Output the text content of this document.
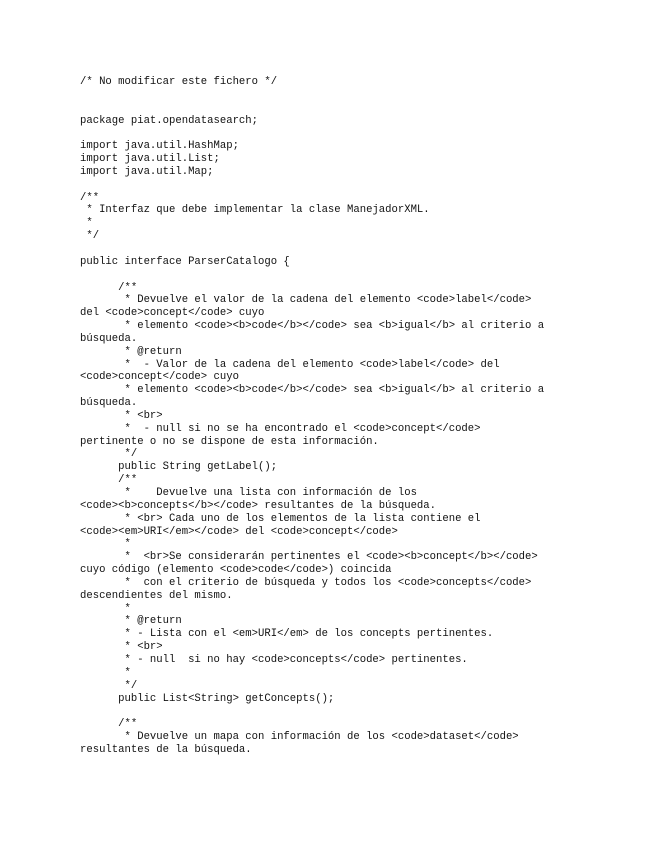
/* No modificar este fichero */
package piat.opendatasearch;
import java.util.HashMap;
import java.util.List;
import java.util.Map;
/**
* Interfaz que debe implementar la clase ManejadorXML.
*
*/
public interface ParserCatalogo {
/**
* Devuelve el valor de la cadena del elemento <code>label</code>
del <code>concept</code> cuyo
* elemento <code><b>code</b></code> sea <b>igual</b> al criterio a
búsqueda.
* @return
*  - Valor de la cadena del elemento <code>label</code> del
<code>concept</code> cuyo
* elemento <code><b>code</b></code> sea <b>igual</b> al criterio a
búsqueda.
* <br>
*  - null si no se ha encontrado el <code>concept</code>
pertinente o no se dispone de esta información.
*/
public String getLabel();
/**
*    Devuelve una lista con información de los
<code><b>concepts</b></code> resultantes de la búsqueda.
* <br> Cada uno de los elementos de la lista contiene el
<code><em>URI</em></code> del <code>concept</code>
*
*  <br>Se considerarán pertinentes el <code><b>concept</b></code>
cuyo código (elemento <code>code</code>) coincida
*  con el criterio de búsqueda y todos los <code>concepts</code>
descendientes del mismo.
*
* @return
* - Lista con el <em>URI</em> de los concepts pertinentes.
* <br>
* - null  si no hay <code>concepts</code> pertinentes.
*
*/
public List<String> getConcepts();
/**
* Devuelve un mapa con información de los <code>dataset</code>
resultantes de la búsqueda.
